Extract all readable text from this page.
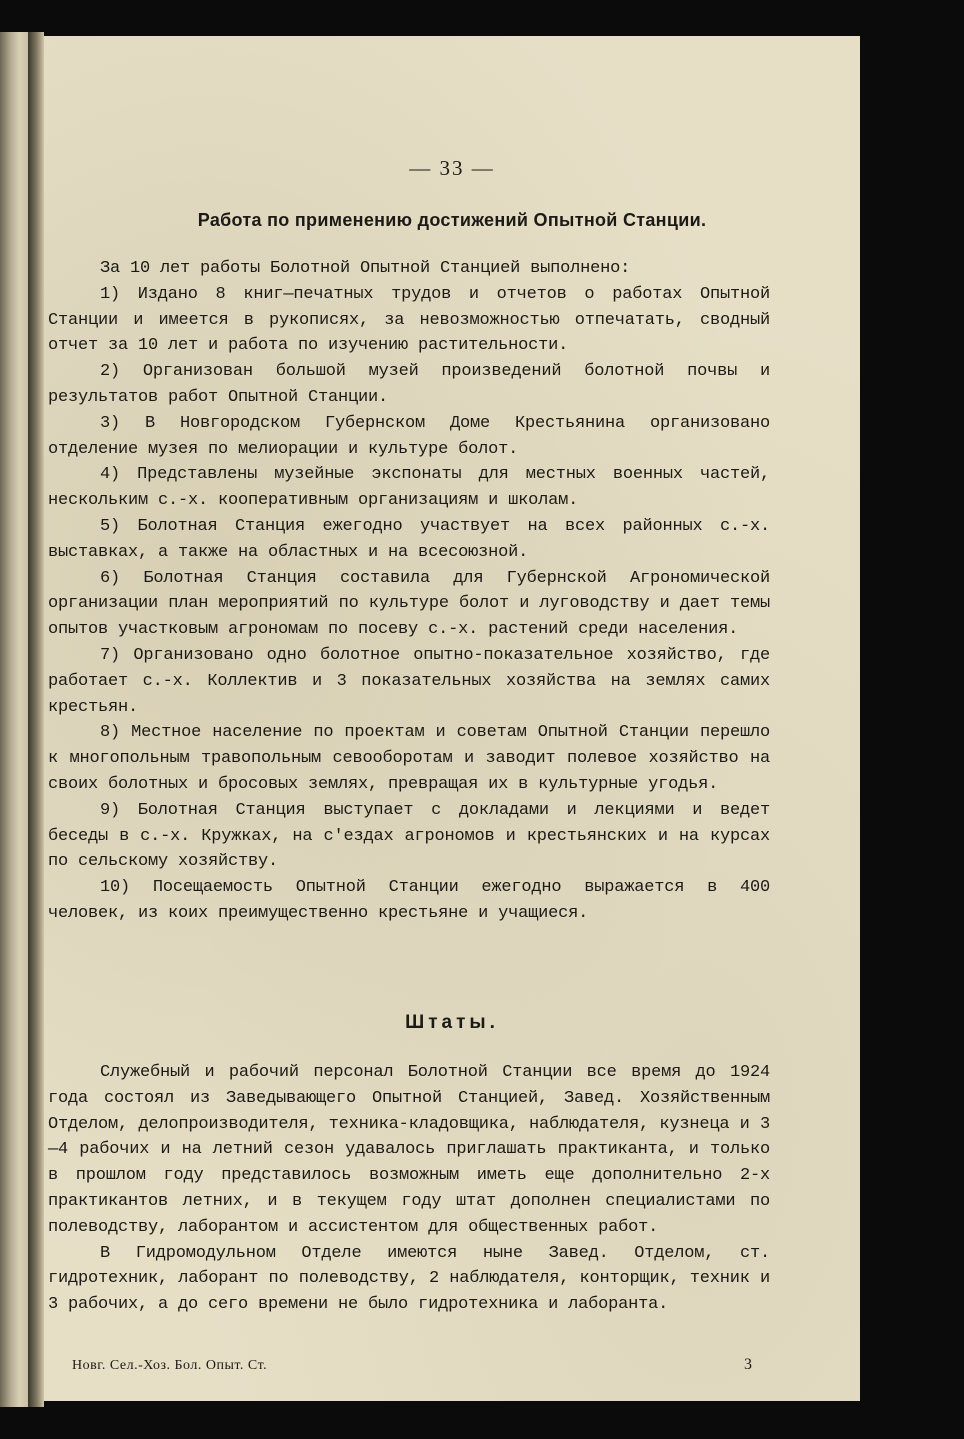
— 33 —
Работа по применению достижений Опытной Станции.

За 10 лет работы Болотной Опытной Станцией выполнено:

1) Издано 8 книг—печатных трудов и отчетов о работах Опытной Станции и имеется в рукописях, за невозможностью отпечатать, сводный отчет за 10 лет и работа по изучению растительности.

2) Организован большой музей произведений болотной почвы и результатов работ Опытной Станции.

3) В Новгородском Губернском Доме Крестьянина организовано отделение музея по мелиорации и культуре болот.

4) Представлены музейные экспонаты для местных военных частей, нескольким с.-х. кооперативным организациям и школам.

5) Болотная Станция ежегодно участвует на всех районных с.-х. выставках, а также на областных и на всесоюзной.

6) Болотная Станция составила для Губернской Агрономической организации план мероприятий по культуре болот и луговодству и дает темы опытов участковым агрономам по посеву с.-х. растений среди населения.

7) Организовано одно болотное опытно-показательное хозяйство, где работает с.-х. Коллектив и 3 показательных хозяйства на землях самих крестьян.

8) Местное население по проектам и советам Опытной Станции перешло к многопольным травопольным севооборотам и заводит полевое хозяйство на своих болотных и бросовых землях, превращая их в культурные угодья.

9) Болотная Станция выступает с докладами и лекциями и ведет беседы в с.-х. Кружках, на с'ездах агрономов и крестьянских и на курсах по сельскому хозяйству.

10) Посещаемость Опытной Станции ежегодно выражается в 400 человек, из коих преимущественно крестьяне и учащиеся.

Штаты.

Служебный и рабочий персонал Болотной Станции все время до 1924 года состоял из Заведывающего Опытной Станцией, Завед. Хозяйственным Отделом, делопроизводителя, техника-кладовщика, наблюдателя, кузнеца и 3—4 рабочих и на летний сезон удавалось приглашать практиканта, и только в прошлом году представилось возможным иметь еще дополнительно 2-х практикантов летних, и в текущем году штат дополнен специалистами по полеводству, лаборантом и ассистентом для общественных работ.

В Гидромодульном Отделе имеются ныне Завед. Отделом, ст. гидротехник, лаборант по полеводству, 2 наблюдателя, конторщик, техник и 3 рабочих, а до сего времени не было гидротехника и лаборанта.

Новг. Сел.-Хоз. Бол. Опыт. Ст.	3
